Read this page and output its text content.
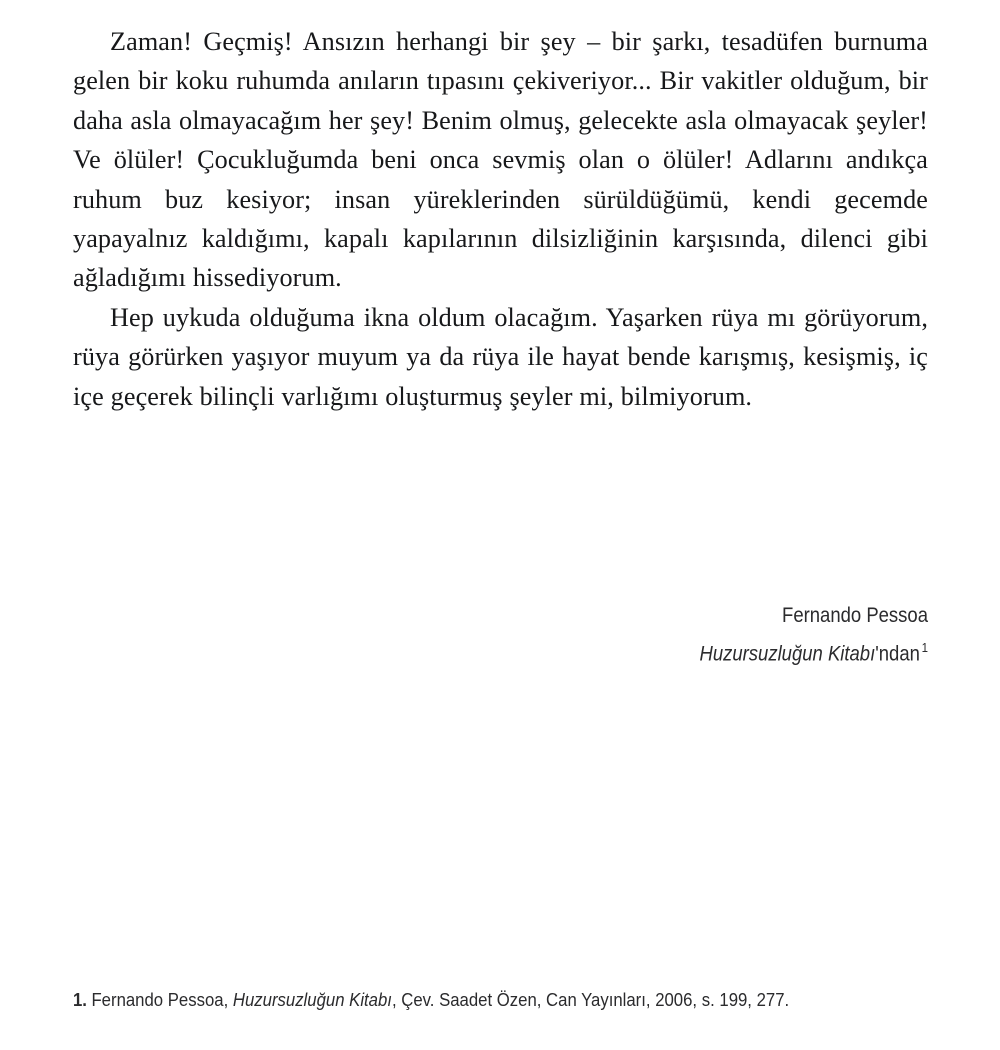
Zaman! Geçmiş! Ansızın herhangi bir şey – bir şarkı, tesadüfen burnuma gelen bir koku ruhumda anıların tıpasını çekiveriyor... Bir vakitler olduğum, bir daha asla olmayacağım her şey! Benim olmuş, gelecekte asla olmayacak şeyler! Ve ölüler! Çocukluğumda beni onca sevmiş olan o ölüler! Adlarını andıkça ruhum buz kesiyor; insan yüreklerinden sürüldüğümü, kendi gecemde yapayalnız kaldığımı, kapalı kapılarının dilsizliğinin karşısında, dilenci gibi ağladığımı hissediyorum.

Hep uykuda olduğuma ikna oldum olacağım. Yaşarken rüya mı görüyorum, rüya görürken yaşıyor muyum ya da rüya ile hayat bende karışmış, kesişmiş, iç içe geçerek bilinçli varlığımı oluşturmuş şeyler mi, bilmiyorum.

Fernando Pessoa
Huzursuzluğun Kitabı'ndan $^1$
1. Fernando Pessoa, Huzursuzluğun Kitabı, Çev. Saadet Özen, Can Yayınları, 2006, s. 199, 277.
